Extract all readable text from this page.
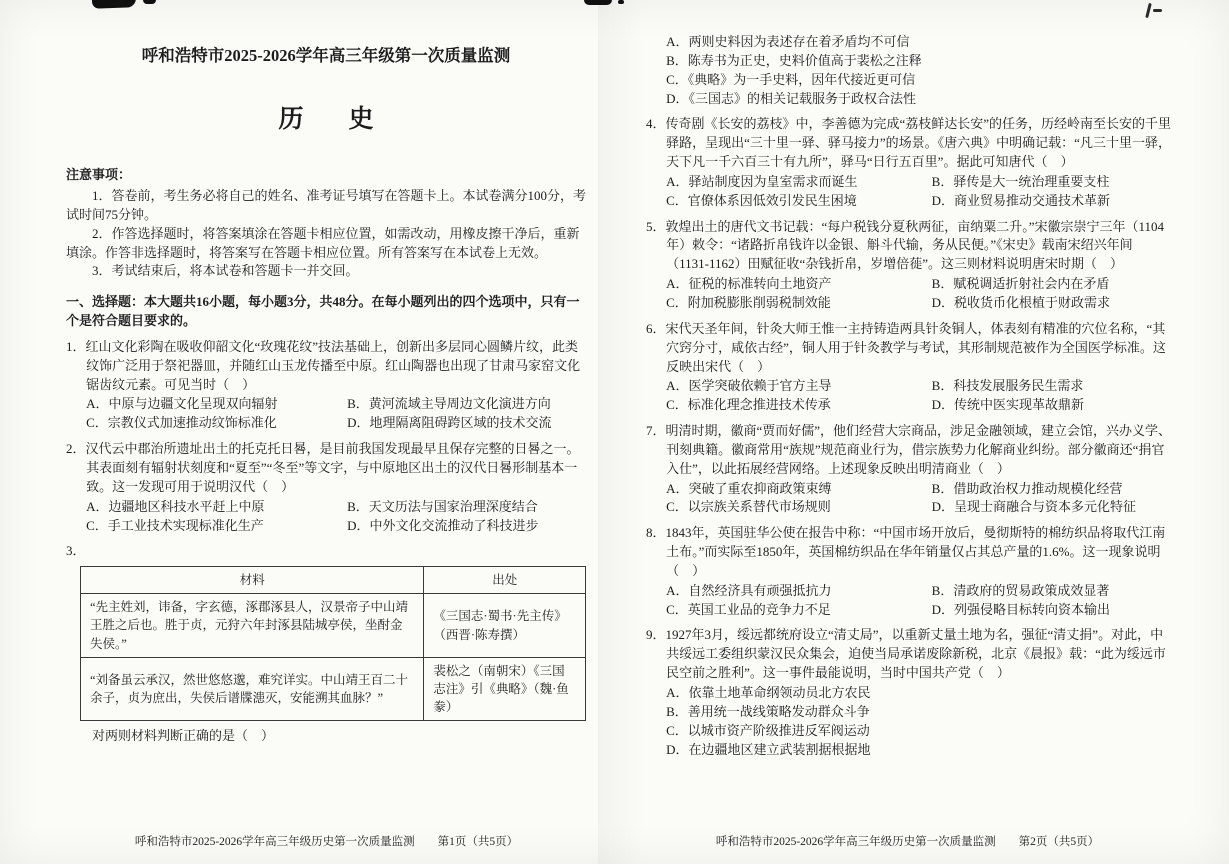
呼和浩特市2025-2026学年高三年级第一次质量监测

历　史

注意事项：

1．答卷前，考生务必将自己的姓名、准考证号填写在答题卡上。本试卷满分100分，考试时间75分钟。

2．作答选择题时，将答案填涂在答题卡相应位置，如需改动，用橡皮擦干净后，重新填涂。作答非选择题时，将答案写在答题卡相应位置。所有答案写在本试卷上无效。

3．考试结束后，将本试卷和答题卡一并交回。

一、选择题：本大题共16小题，每小题3分，共48分。在每小题列出的四个选项中，只有一个是符合题目要求的。

1．红山文化彩陶在吸收仰韶文化“玫瑰花纹”技法基础上，创新出多层同心圆鳞片纹，此类纹饰广泛用于祭祀器皿，并随红山玉龙传播至中原。红山陶器也出现了甘肃马家窑文化锯齿纹元素。可见当时（　）

A．中原与边疆文化呈现双向辐射	B．黄河流域主导周边文化演进方向
C．宗教仪式加速推动纹饰标准化	D．地理隔离阻碍跨区域的技术交流

2．汉代云中郡治所遗址出土的托克托日晷，是目前我国发现最早且保存完整的日晷之一。其表面刻有辐射状刻度和“夏至”“冬至”等文字，与中原地区出土的汉代日晷形制基本一致。这一发现可用于说明汉代（　）

A．边疆地区科技水平赶上中原	B．天文历法与国家治理深度结合
C．手工业技术实现标准化生产	D．中外文化交流推动了科技进步

3．

材料	出处
“先主姓刘，讳备，字玄德，涿郡涿县人，汉景帝子中山靖王胜之后也。胜于贞，元狩六年封涿县陆城亭侯，坐酎金失侯。”	《三国志·蜀书·先主传》（西晋·陈寿撰）
“刘备虽云承汉，然世悠悠邈，难究详实。中山靖王百二十余子，贞为庶出，失侯后谱牒漶灭，安能溯其血脉？”	裴松之（南朝宋）《三国志注》引《典略》（魏·鱼豢）

对两则材料判断正确的是（　）

呼和浩特市2025-2026学年高三年级历史第一次质量监测　　第1页（共5页）
A．两则史料因为表述存在着矛盾均不可信
B．陈寿书为正史，史料价值高于裴松之注释
C．《典略》为一手史料，因年代接近更可信
D．《三国志》的相关记载服务于政权合法性

4．传奇剧《长安的荔枝》中，李善德为完成“荔枝鲜达长安”的任务，历经岭南至长安的千里驿路，呈现出“三十里一驿、驿马接力”的场景。《唐六典》中明确记载：“凡三十里一驿，天下凡一千六百三十有九所”，驿马“日行五百里”。据此可知唐代（　）

A．驿站制度因为皇室需求而诞生	B．驿传是大一统治理重要支柱
C．官僚体系因低效引发民生困境	D．商业贸易推动交通技术革新

5．敦煌出土的唐代文书记载：“每户税钱分夏秋两征，亩纳粟二升。”宋徽宗崇宁三年（1104年）敕令：“诸路折帛钱许以金银、斛斗代输，务从民便。”《宋史》载南宋绍兴年间（1131-1162）田赋征收“杂钱折帛，岁增倍蓰”。这三则材料说明唐宋时期（　）

A．征税的标准转向土地资产	B．赋税调适折射社会内在矛盾
C．附加税膨胀削弱税制效能	D．税收货币化根植于财政需求

6．宋代天圣年间，针灸大师王惟一主持铸造两具针灸铜人，体表刻有精准的穴位名称，“其穴窍分寸，咸依古经”，铜人用于针灸教学与考试，其形制规范被作为全国医学标准。这反映出宋代（　）

A．医学突破依赖于官方主导	B．科技发展服务民生需求
C．标准化理念推进技术传承	D．传统中医实现革故鼎新

7．明清时期，徽商“贾而好儒”，他们经营大宗商品，涉足金融领域，建立会馆，兴办义学、刊刻典籍。徽商常用“族规”规范商业行为，借宗族势力化解商业纠纷。部分徽商还“捐官入仕”，以此拓展经营网络。上述现象反映出明清商业（　）

A．突破了重农抑商政策束缚	B．借助政治权力推动规模化经营
C．以宗族关系替代市场规则	D．呈现士商融合与资本多元化特征

8．1843年，英国驻华公使在报告中称：“中国市场开放后，曼彻斯特的棉纺织品将取代江南土布。”而实际至1850年，英国棉纺织品在华年销量仅占其总产量的1.6%。这一现象说明（　）

A．自然经济具有顽强抵抗力	B．清政府的贸易政策成效显著
C．英国工业品的竞争力不足	D．列强侵略目标转向资本输出

9．1927年3月，绥远都统府设立“清丈局”，以重新丈量土地为名，强征“清丈捐”。对此，中共绥远工委组织蒙汉民众集会，迫使当局承诺废除新税，北京《晨报》载：“此为绥远市民空前之胜利”。这一事件最能说明，当时中国共产党（　）

A．依靠土地革命纲领动员北方农民
B．善用统一战线策略发动群众斗争
C．以城市资产阶级推进反军阀运动
D．在边疆地区建立武装割据根据地
呼和浩特市2025-2026学年高三年级历史第一次质量监测　　第2页（共5页）
